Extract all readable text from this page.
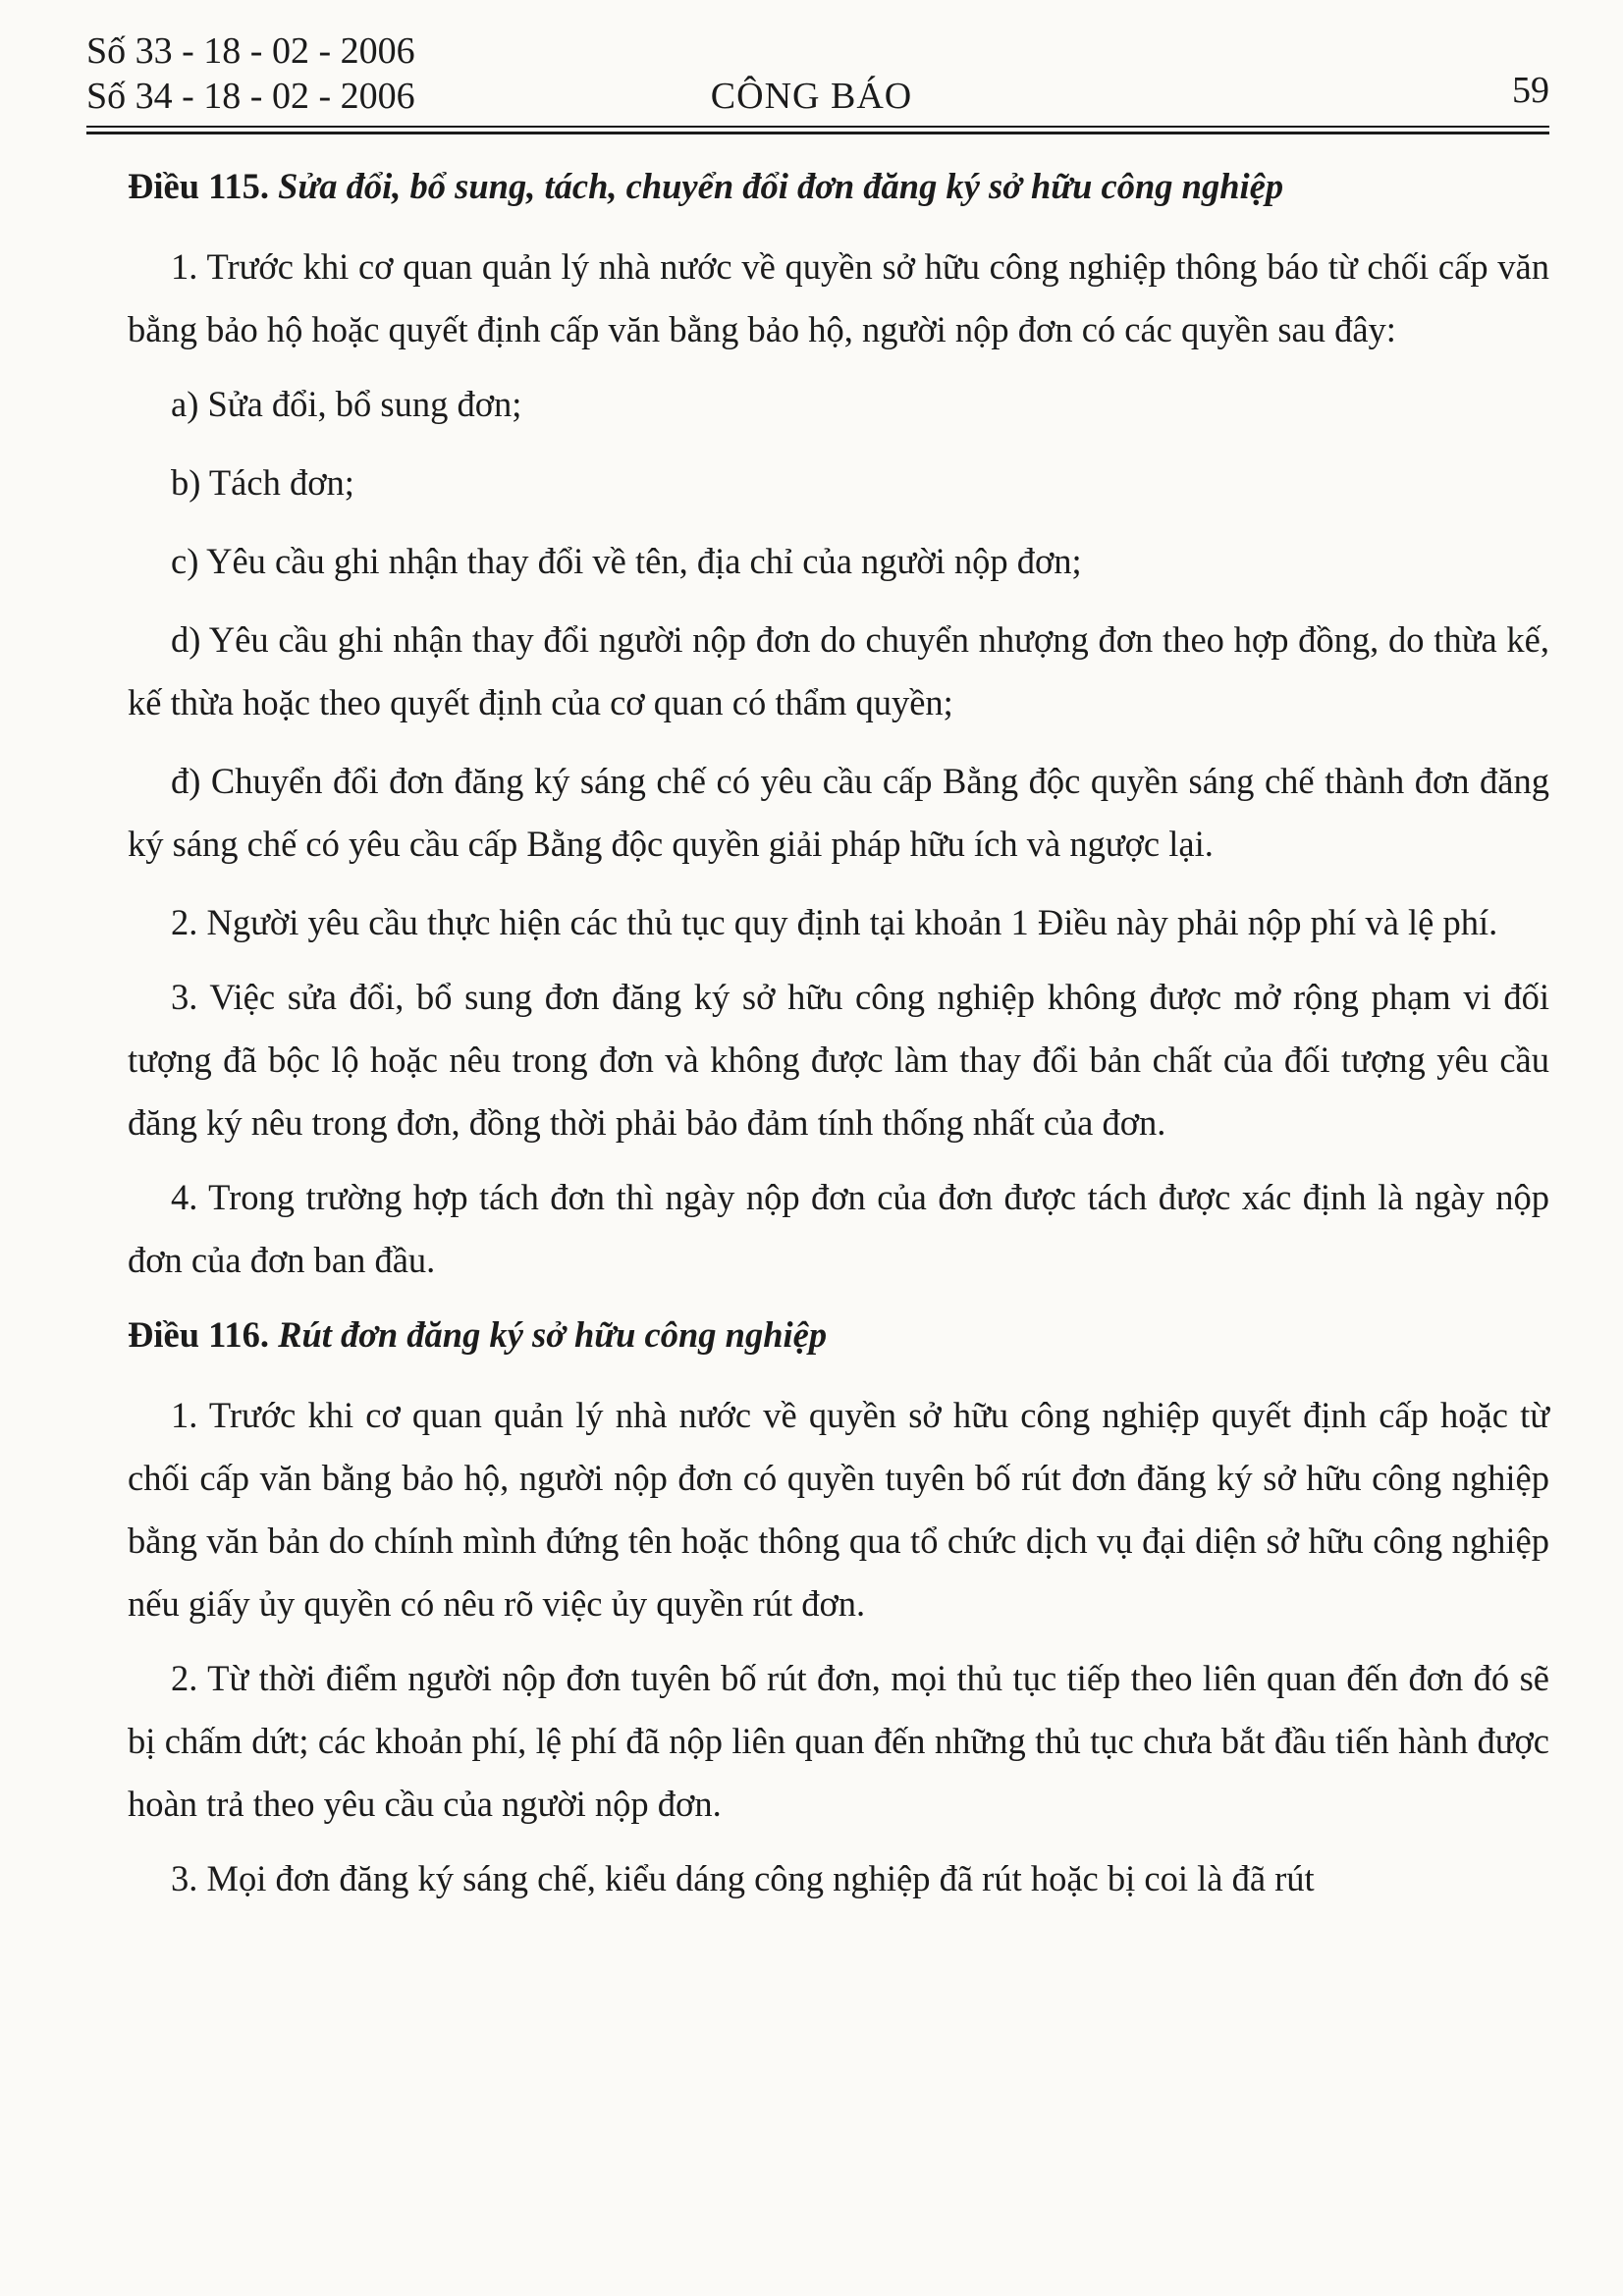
Số 33 - 18 - 02 - 2006
Số 34 - 18 - 02 - 2006	CÔNG BÁO	59
Điều 115. Sửa đổi, bổ sung, tách, chuyển đổi đơn đăng ký sở hữu công nghiệp

1. Trước khi cơ quan quản lý nhà nước về quyền sở hữu công nghiệp thông báo từ chối cấp văn bằng bảo hộ hoặc quyết định cấp văn bằng bảo hộ, người nộp đơn có các quyền sau đây:

a) Sửa đổi, bổ sung đơn;

b) Tách đơn;

c) Yêu cầu ghi nhận thay đổi về tên, địa chỉ của người nộp đơn;

d) Yêu cầu ghi nhận thay đổi người nộp đơn do chuyển nhượng đơn theo hợp đồng, do thừa kế, kế thừa hoặc theo quyết định của cơ quan có thẩm quyền;

đ) Chuyển đổi đơn đăng ký sáng chế có yêu cầu cấp Bằng độc quyền sáng chế thành đơn đăng ký sáng chế có yêu cầu cấp Bằng độc quyền giải pháp hữu ích và ngược lại.

2. Người yêu cầu thực hiện các thủ tục quy định tại khoản 1 Điều này phải nộp phí và lệ phí.

3. Việc sửa đổi, bổ sung đơn đăng ký sở hữu công nghiệp không được mở rộng phạm vi đối tượng đã bộc lộ hoặc nêu trong đơn và không được làm thay đổi bản chất của đối tượng yêu cầu đăng ký nêu trong đơn, đồng thời phải bảo đảm tính thống nhất của đơn.

4. Trong trường hợp tách đơn thì ngày nộp đơn của đơn được tách được xác định là ngày nộp đơn của đơn ban đầu.

Điều 116. Rút đơn đăng ký sở hữu công nghiệp

1. Trước khi cơ quan quản lý nhà nước về quyền sở hữu công nghiệp quyết định cấp hoặc từ chối cấp văn bằng bảo hộ, người nộp đơn có quyền tuyên bố rút đơn đăng ký sở hữu công nghiệp bằng văn bản do chính mình đứng tên hoặc thông qua tổ chức dịch vụ đại diện sở hữu công nghiệp nếu giấy ủy quyền có nêu rõ việc ủy quyền rút đơn.

2. Từ thời điểm người nộp đơn tuyên bố rút đơn, mọi thủ tục tiếp theo liên quan đến đơn đó sẽ bị chấm dứt; các khoản phí, lệ phí đã nộp liên quan đến những thủ tục chưa bắt đầu tiến hành được hoàn trả theo yêu cầu của người nộp đơn.

3. Mọi đơn đăng ký sáng chế, kiểu dáng công nghiệp đã rút hoặc bị coi là đã rút
